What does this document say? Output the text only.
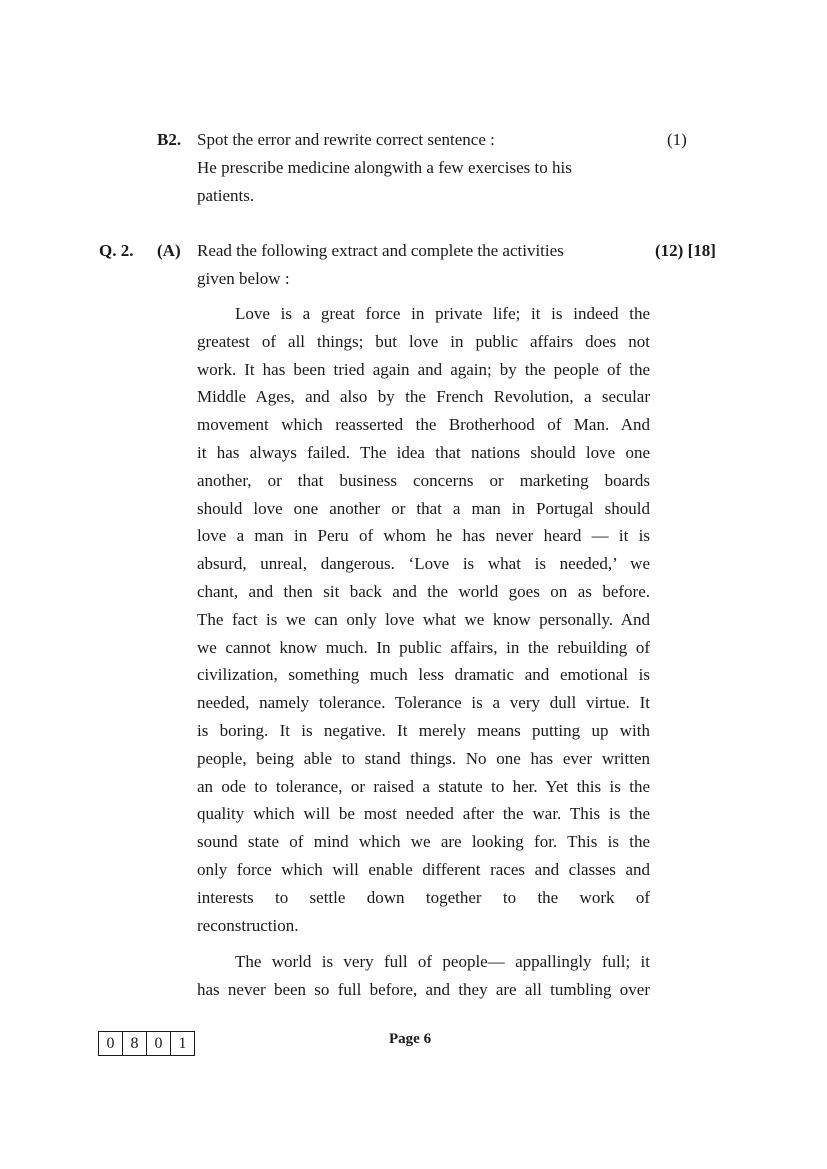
B2. Spot the error and rewrite correct sentence :
He prescribe medicine alongwith a few exercises to his
patients.
(1)
Q. 2. (A) Read the following extract and complete the activities
given below :
(12) [18]
Love is a great force in private life; it is indeed the
greatest of all things; but love in public affairs does not
work. It has been tried again and again; by the people of the
Middle Ages, and also by the French Revolution, a secular
movement which reasserted the Brotherhood of Man. And
it has always failed. The idea that nations should love one
another, or that business concerns or marketing boards
should love one another or that a man in Portugal should
love a man in Peru of whom he has never heard — it is
absurd, unreal, dangerous. ‘Love is what is needed,’ we
chant, and then sit back and the world goes on as before.
The fact is we can only love what we know personally. And
we cannot know much. In public affairs, in the rebuilding of
civilization, something much less dramatic and emotional is
needed, namely tolerance. Tolerance is a very dull virtue. It
is boring. It is negative. It merely means putting up with
people, being able to stand things. No one has ever written
an ode to tolerance, or raised a statute to her. Yet this is the
quality which will be most needed after the war. This is the
sound state of mind which we are looking for. This is the
only force which will enable different races and classes and
interests to settle down together to the work of
reconstruction.
The world is very full of people— appallingly full; it
has never been so full before, and they are all tumbling over
0	8	0	1	Page 6
